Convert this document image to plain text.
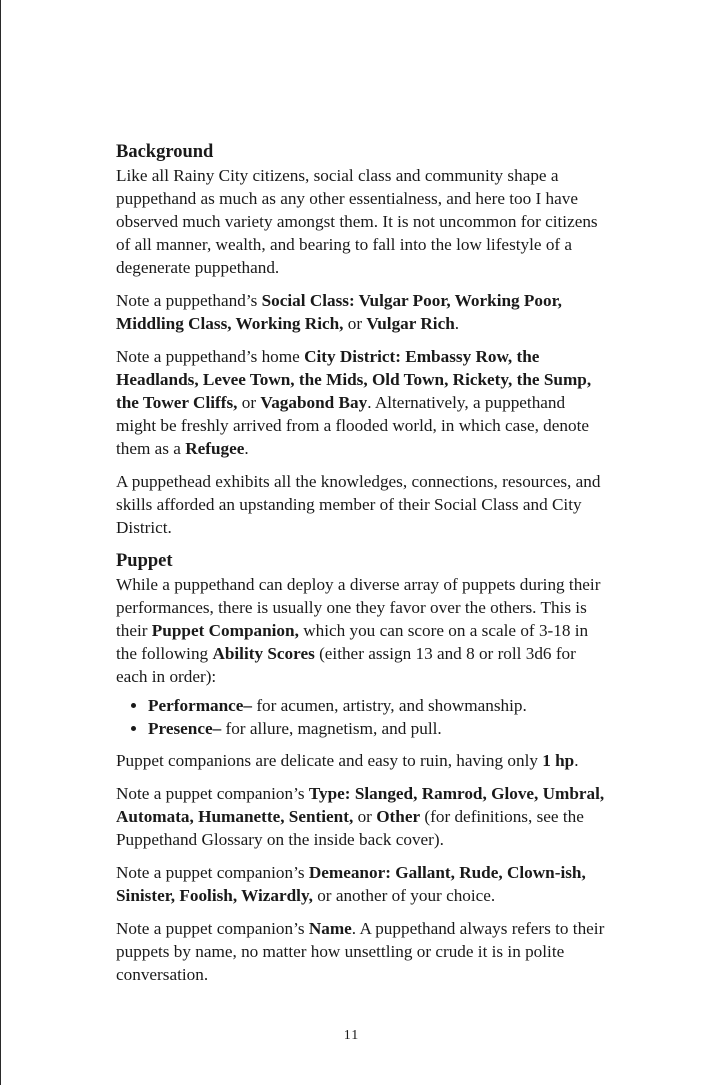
Background

Like all Rainy City citizens, social class and community shape a puppethand as much as any other essentialness, and here too I have observed much variety amongst them. It is not uncommon for citizens of all manner, wealth, and bearing to fall into the low lifestyle of a degenerate puppethand.

Note a puppethand’s Social Class: Vulgar Poor, Working Poor, Middling Class, Working Rich, or Vulgar Rich.

Note a puppethand’s home City District: Embassy Row, the Headlands, Levee Town, the Mids, Old Town, Rickety, the Sump, the Tower Cliffs, or Vagabond Bay. Alternatively, a puppethand might be freshly arrived from a flooded world, in which case, denote them as a Refugee.

A puppethead exhibits all the knowledges, connections, resources, and skills afforded an upstanding member of their Social Class and City District.

Puppet

While a puppethand can deploy a diverse array of puppets during their performances, there is usually one they favor over the others. This is their Puppet Companion, which you can score on a scale of 3-18 in the following Ability Scores (either assign 13 and 8 or roll 3d6 for each in order):

• Performance– for acumen, artistry, and showmanship.
• Presence– for allure, magnetism, and pull.

Puppet companions are delicate and easy to ruin, having only 1 hp.

Note a puppet companion’s Type: Slanged, Ramrod, Glove, Umbral, Automata, Humanette, Sentient, or Other (for definitions, see the Puppethand Glossary on the inside back cover).

Note a puppet companion’s Demeanor: Gallant, Rude, Clown-ish, Sinister, Foolish, Wizardly, or another of your choice.

Note a puppet companion’s Name. A puppethand always refers to their puppets by name, no matter how unsettling or crude it is in polite conversation.

11
